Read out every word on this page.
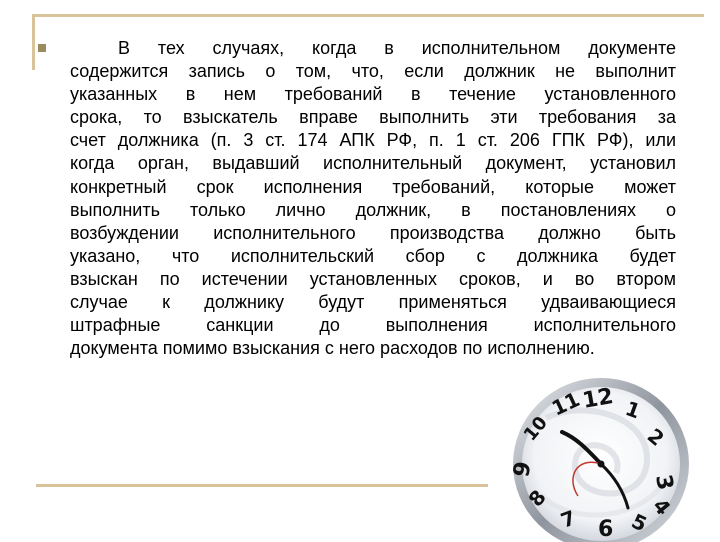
В тех случаях, когда в исполнительном документе
содержится запись о том, что, если должник не выполнит
указанных в нем требований в течение установленного
срока, то взыскатель вправе выполнить эти требования за
счет должника (п. 3 ст. 174 АПК РФ, п. 1 ст. 206 ГПК РФ), или
когда орган, выдавший исполнительный документ, установил
конкретный срок исполнения требований, которые может
выполнить только лично должник, в постановлениях о
возбуждении исполнительного производства должно быть
указано, что исполнительский сбор с должника будет
взыскан по истечении установленных сроков, и во втором
случае к должнику будут применяться удваивающиеся
штрафные санкции до выполнения исполнительного
документа помимо взыскания с него расходов по исполнению.
11
12 1
2
3
9
8
7 6 5
4
10
